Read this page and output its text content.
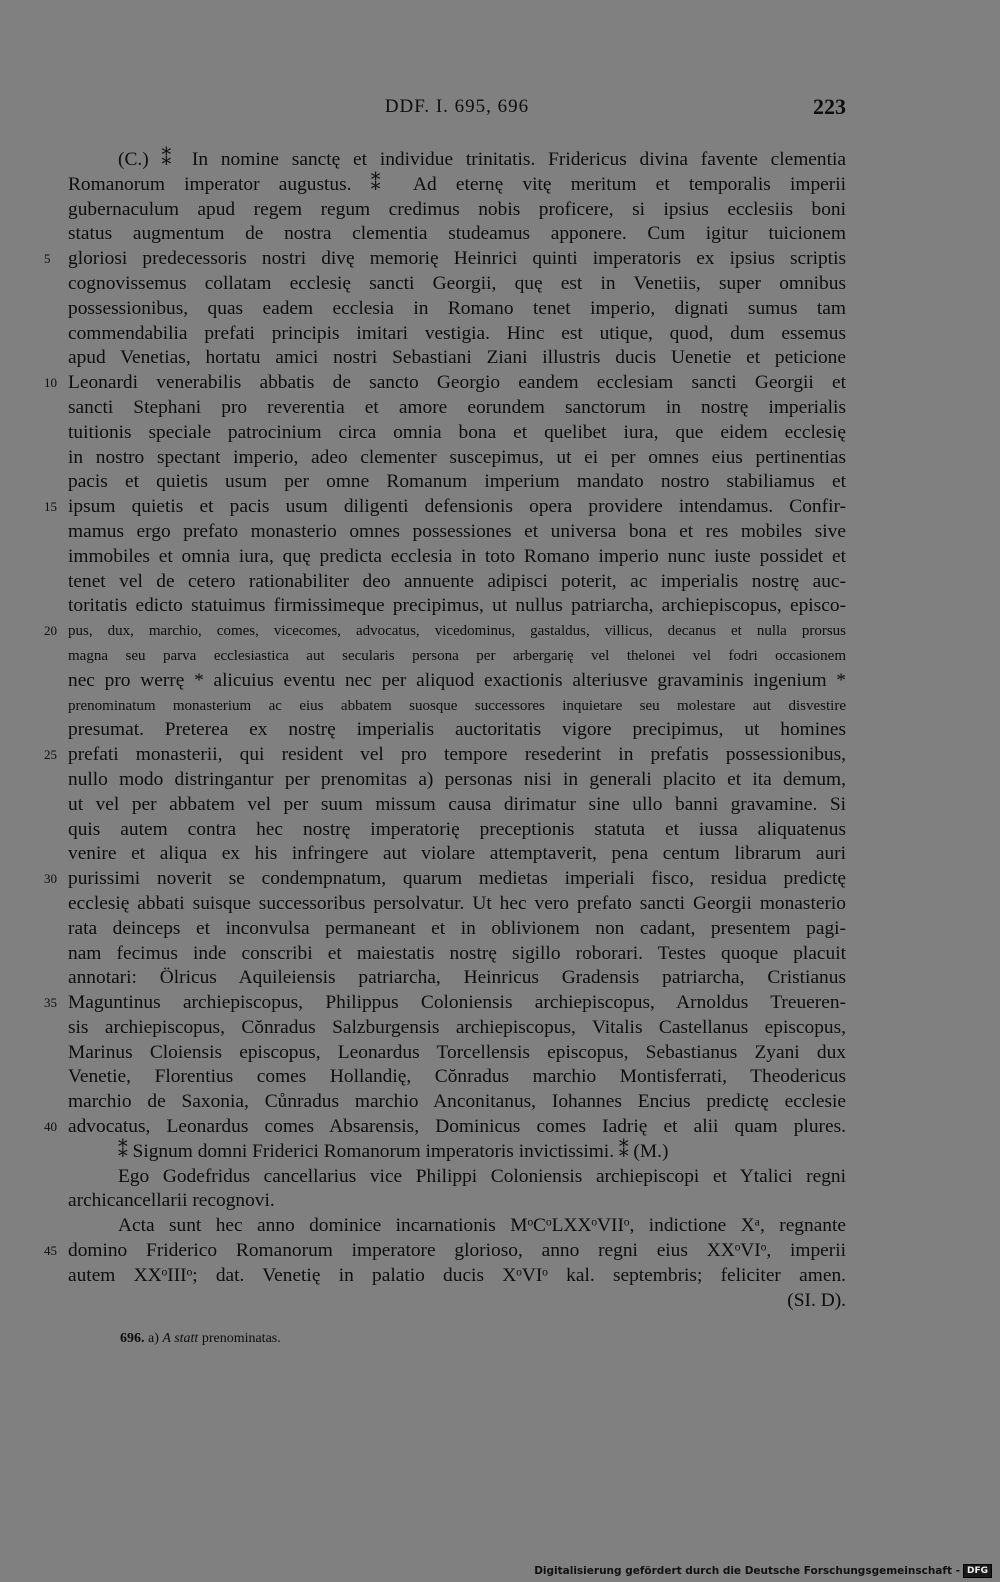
DDF. I. 695, 696	223
(C.) ⁑ In nomine sanctę et individue trinitatis. Fridericus divina favente clementia
Romanorum imperator augustus. ⁑ Ad eternę vitę meritum et temporalis imperii
gubernaculum apud regem regum credimus nobis proficere, si ipsius ecclesiis boni
status augmentum de nostra clementia studeamus apponere. Cum igitur tuicionem
5 gloriosi predecessoris nostri divę memorię Heinrici quinti imperatoris ex ipsius scriptis
cognovissemus collatam ecclesię sancti Georgii, quę est in Venetiis, super omnibus
possessionibus, quas eadem ecclesia in Romano tenet imperio, dignati sumus tam
commendabilia prefati principis imitari vestigia. Hinc est utique, quod, dum essemus
apud Venetias, hortatu amici nostri Sebastiani Ziani illustris ducis Uenetie et peticione
10 Leonardi venerabilis abbatis de sancto Georgio eandem ecclesiam sancti Georgii et
sancti Stephani pro reverentia et amore eorundem sanctorum in nostrę imperialis
tuitionis speciale patrocinium circa omnia bona et quelibet iura, que eidem ecclesię
in nostro spectant imperio, adeo clementer suscepimus, ut ei per omnes eius pertinentias
pacis et quietis usum per omne Romanum imperium mandato nostro stabiliamus et
15 ipsum quietis et pacis usum diligenti defensionis opera providere intendamus. Confir-
mamus ergo prefato monasterio omnes possessiones et universa bona et res mobiles sive
immobiles et omnia iura, quę predicta ecclesia in toto Romano imperio nunc iuste possidet et
tenet vel de cetero rationabiliter deo annuente adipisci poterit, ac imperialis nostrę auc-
toritatis edicto statuimus firmissimeque precipimus, ut nullus patriarcha, archiepiscopus, episco-
20 pus, dux, marchio, comes, vicecomes, advocatus, vicedominus, gastaldus, villicus, decanus et nulla prorsus
magna seu parva ecclesiastica aut secularis persona per arbergarię vel thelonei vel fodri occasionem
nec pro werrę * alicuius eventu nec per aliquod exactionis alteriusve gravaminis ingenium *
prenominatum monasterium ac eius abbatem suosque successores inquietare seu molestare aut disvestire
presumat. Preterea ex nostrę imperialis auctoritatis vigore precipimus, ut homines
25 prefati monasterii, qui resident vel pro tempore resederint in prefatis possessionibus,
nullo modo distringantur per prenomitas a) personas nisi in generali placito et ita demum,
ut vel per abbatem vel per suum missum causa dirimatur sine ullo banni gravamine. Si
quis autem contra hec nostrę imperatorię preceptionis statuta et iussa aliquatenus
venire et aliqua ex his infringere aut violare attemptaverit, pena centum librarum auri
30 purissimi noverit se condempnatum, quarum medietas imperiali fisco, residua predictę
ecclesię abbati suisque successoribus persolvatur. Ut hec vero prefato sancti Georgii monasterio
rata deinceps et inconvulsa permaneant et in oblivionem non cadant, presentem pagi-
nam fecimus inde conscribi et maiestatis nostrę sigillo roborari. Testes quoque placuit
annotari: Ölricus Aquileiensis patriarcha, Heinricus Gradensis patriarcha, Cristianus
35 Maguntinus archiepiscopus, Philippus Coloniensis archiepiscopus, Arnoldus Treueren-
sis archiepiscopus, Cŏnradus Salzburgensis archiepiscopus, Vitalis Castellanus episcopus,
Marinus Cloiensis episcopus, Leonardus Torcellensis episcopus, Sebastianus Zyani dux
Venetie, Florentius comes Hollandię, Cŏnradus marchio Montisferrati, Theodericus
marchio de Saxonia, Cůnradus marchio Anconitanus, Iohannes Encius predictę ecclesie
40 advocatus, Leonardus comes Absarensis, Dominicus comes Iadrię et alii quam plures.
⁑ Signum domni Friderici Romanorum imperatoris invictissimi. ⁑ (M.)
Ego Godefridus cancellarius vice Philippi Coloniensis archiepiscopi et Ytalici regni
archicancellarii recognovi.
Acta sunt hec anno dominice incarnationis MᵒCᵒLXXᵒVIIᵒ, indictione Xᵃ, regnante
45 domino Friderico Romanorum imperatore glorioso, anno regni eius XXᵒVIᵒ, imperii
autem XXᵒIIIᵒ; dat. Venetię in palatio ducis XᵒVIᵒ kal. septembris; feliciter amen.
(SI. D).
696. a) A statt prenominatas.
Digitalisierung gefördert durch die Deutsche Forschungsgemeinschaft - DFG
